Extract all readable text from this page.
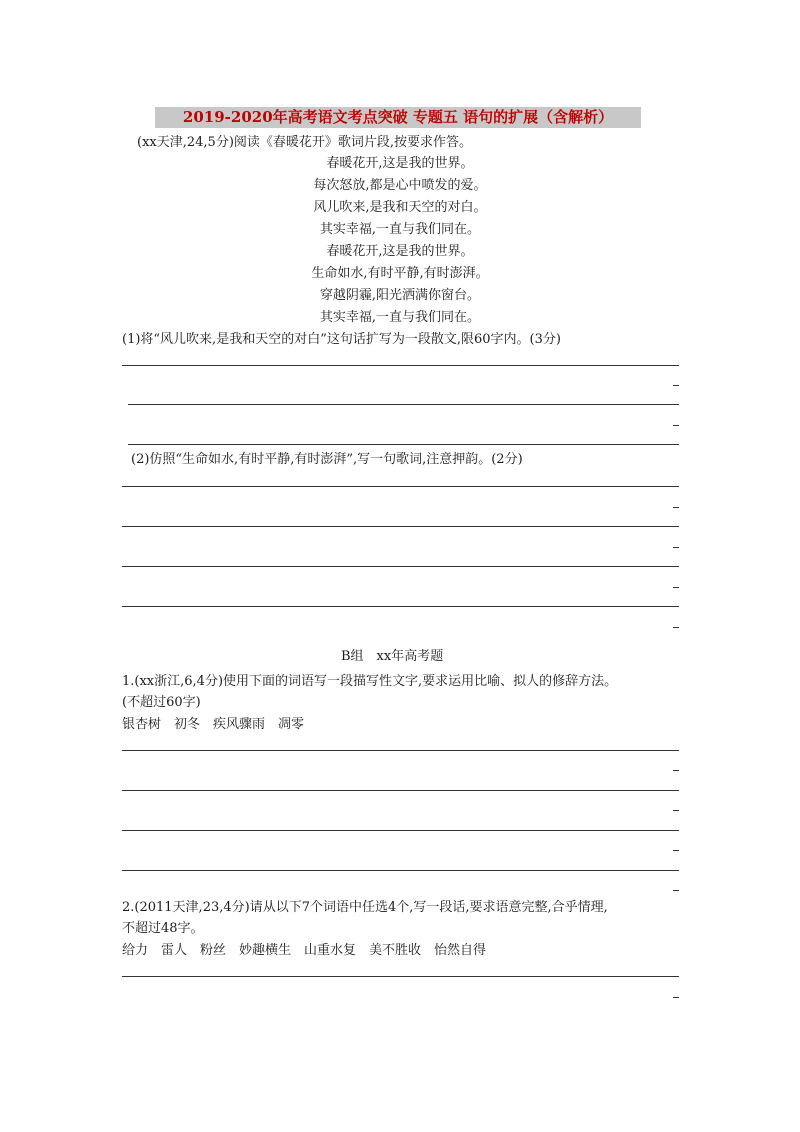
2019-2020年高考语文考点突破 专题五 语句的扩展（含解析）
(xx天津,24,5分)阅读《春暖花开》歌词片段,按要求作答。
春暖花开,这是我的世界。
每次怒放,都是心中喷发的爱。
风儿吹来,是我和天空的对白。
其实幸福,一直与我们同在。
春暖花开,这是我的世界。
生命如水,有时平静,有时澎湃。
穿越阴霾,阳光洒满你窗台。
其实幸福,一直与我们同在。
(1)将“风儿吹来,是我和天空的对白”这句话扩写为一段散文,限60字内。(3分)
(2)仿照“生命如水,有时平静,有时澎湃”,写一句歌词,注意押韵。(2分)
B组　xx年高考题
1.(xx浙江,6,4分)使用下面的词语写一段描写性文字,要求运用比喻、拟人的修辞方法。
(不超过60字)
银杏树　初冬　疾风骤雨　凋零
2.(2011天津,23,4分)请从以下7个词语中任选4个,写一段话,要求语意完整,合乎情理,
不超过48字。
给力　雷人　粉丝　妙趣横生　山重水复　美不胜收　怡然自得
